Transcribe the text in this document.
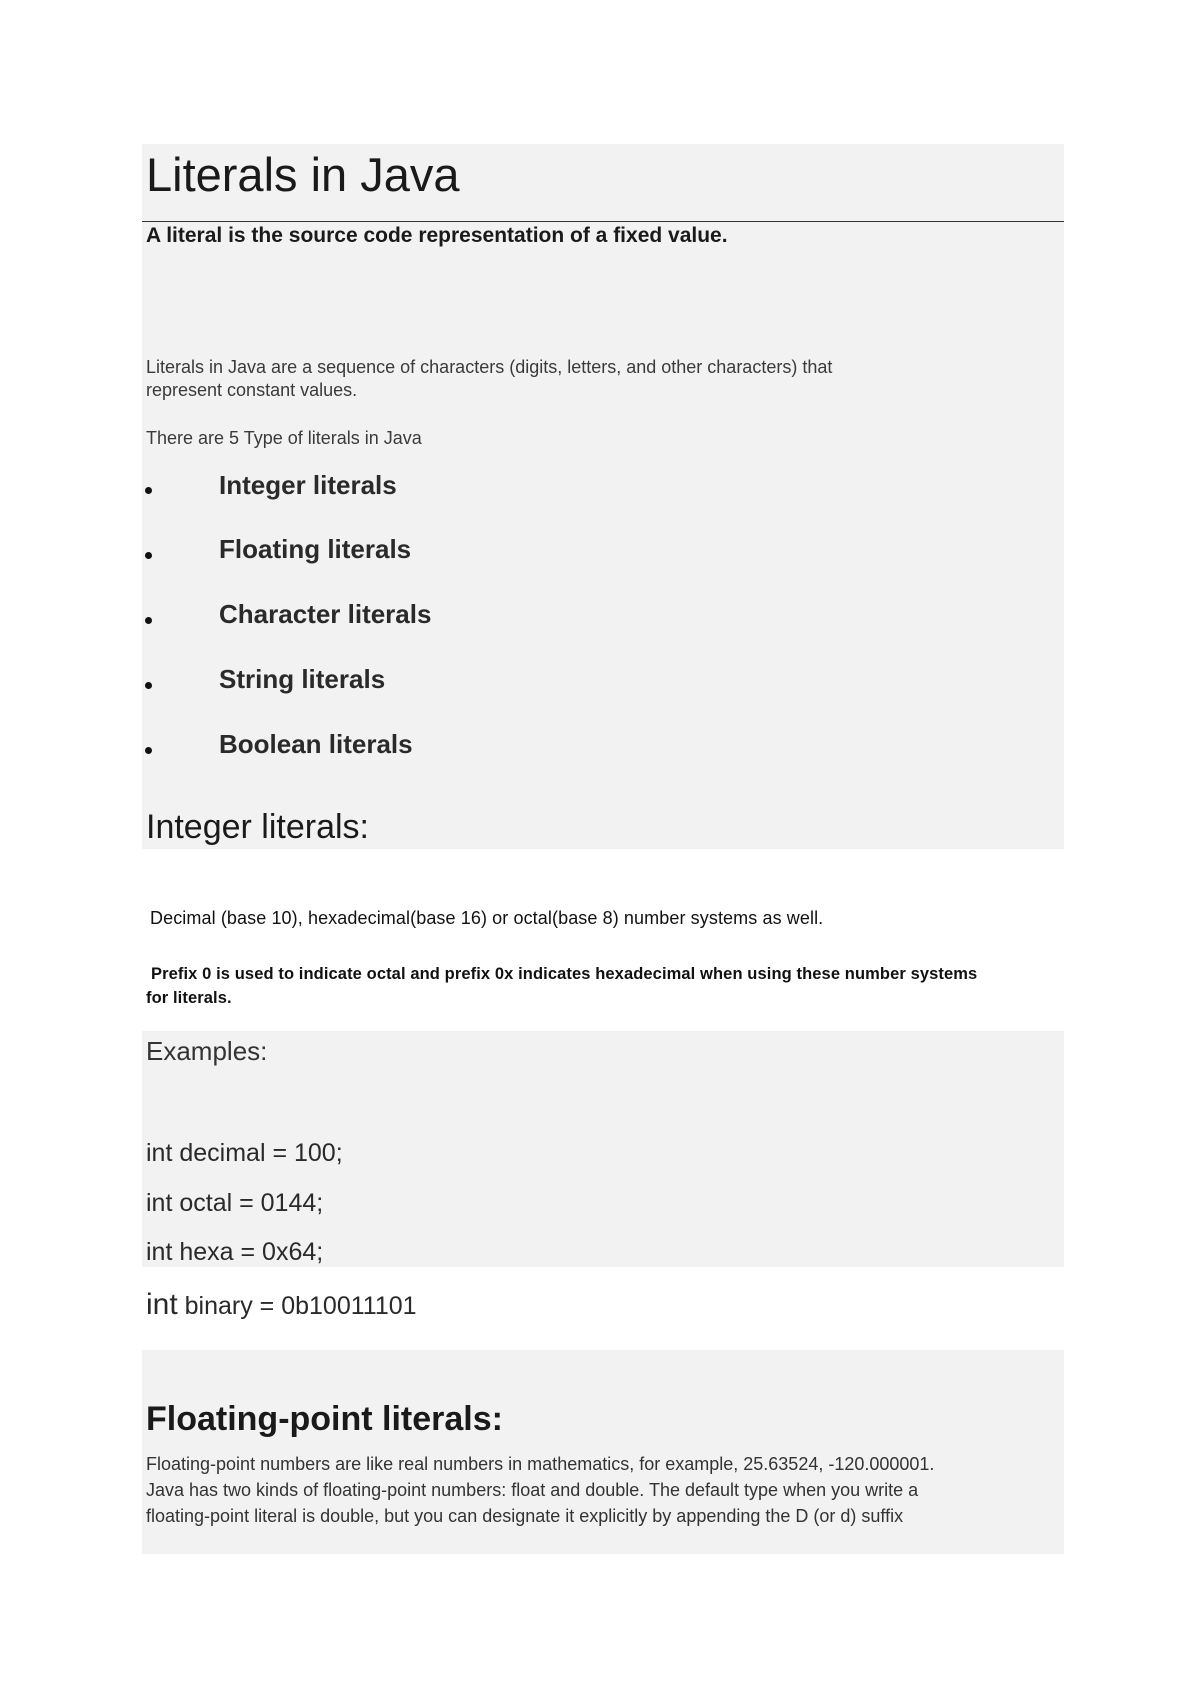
Literals in Java
A literal is the source code representation of a fixed value.
Literals in Java are a sequence of characters (digits, letters, and other characters) that
represent constant values.
There are 5 Type of literals in Java
Integer literals
Floating literals
Character literals
String literals
Boolean literals
Integer literals:
Decimal (base 10), hexadecimal(base 16) or octal(base 8) number systems as well.
Prefix 0 is used to indicate octal and prefix 0x indicates hexadecimal when using these number systems
for literals.
Examples:
int decimal = 100;
int octal = 0144;
int hexa = 0x64;
int binary = 0b10011101
Floating-point literals:
Floating-point numbers are like real numbers in mathematics, for example, 25.63524, -120.000001.
Java has two kinds of floating-point numbers: float and double. The default type when you write a
floating-point literal is double, but you can designate it explicitly by appending the D (or d) suffix
